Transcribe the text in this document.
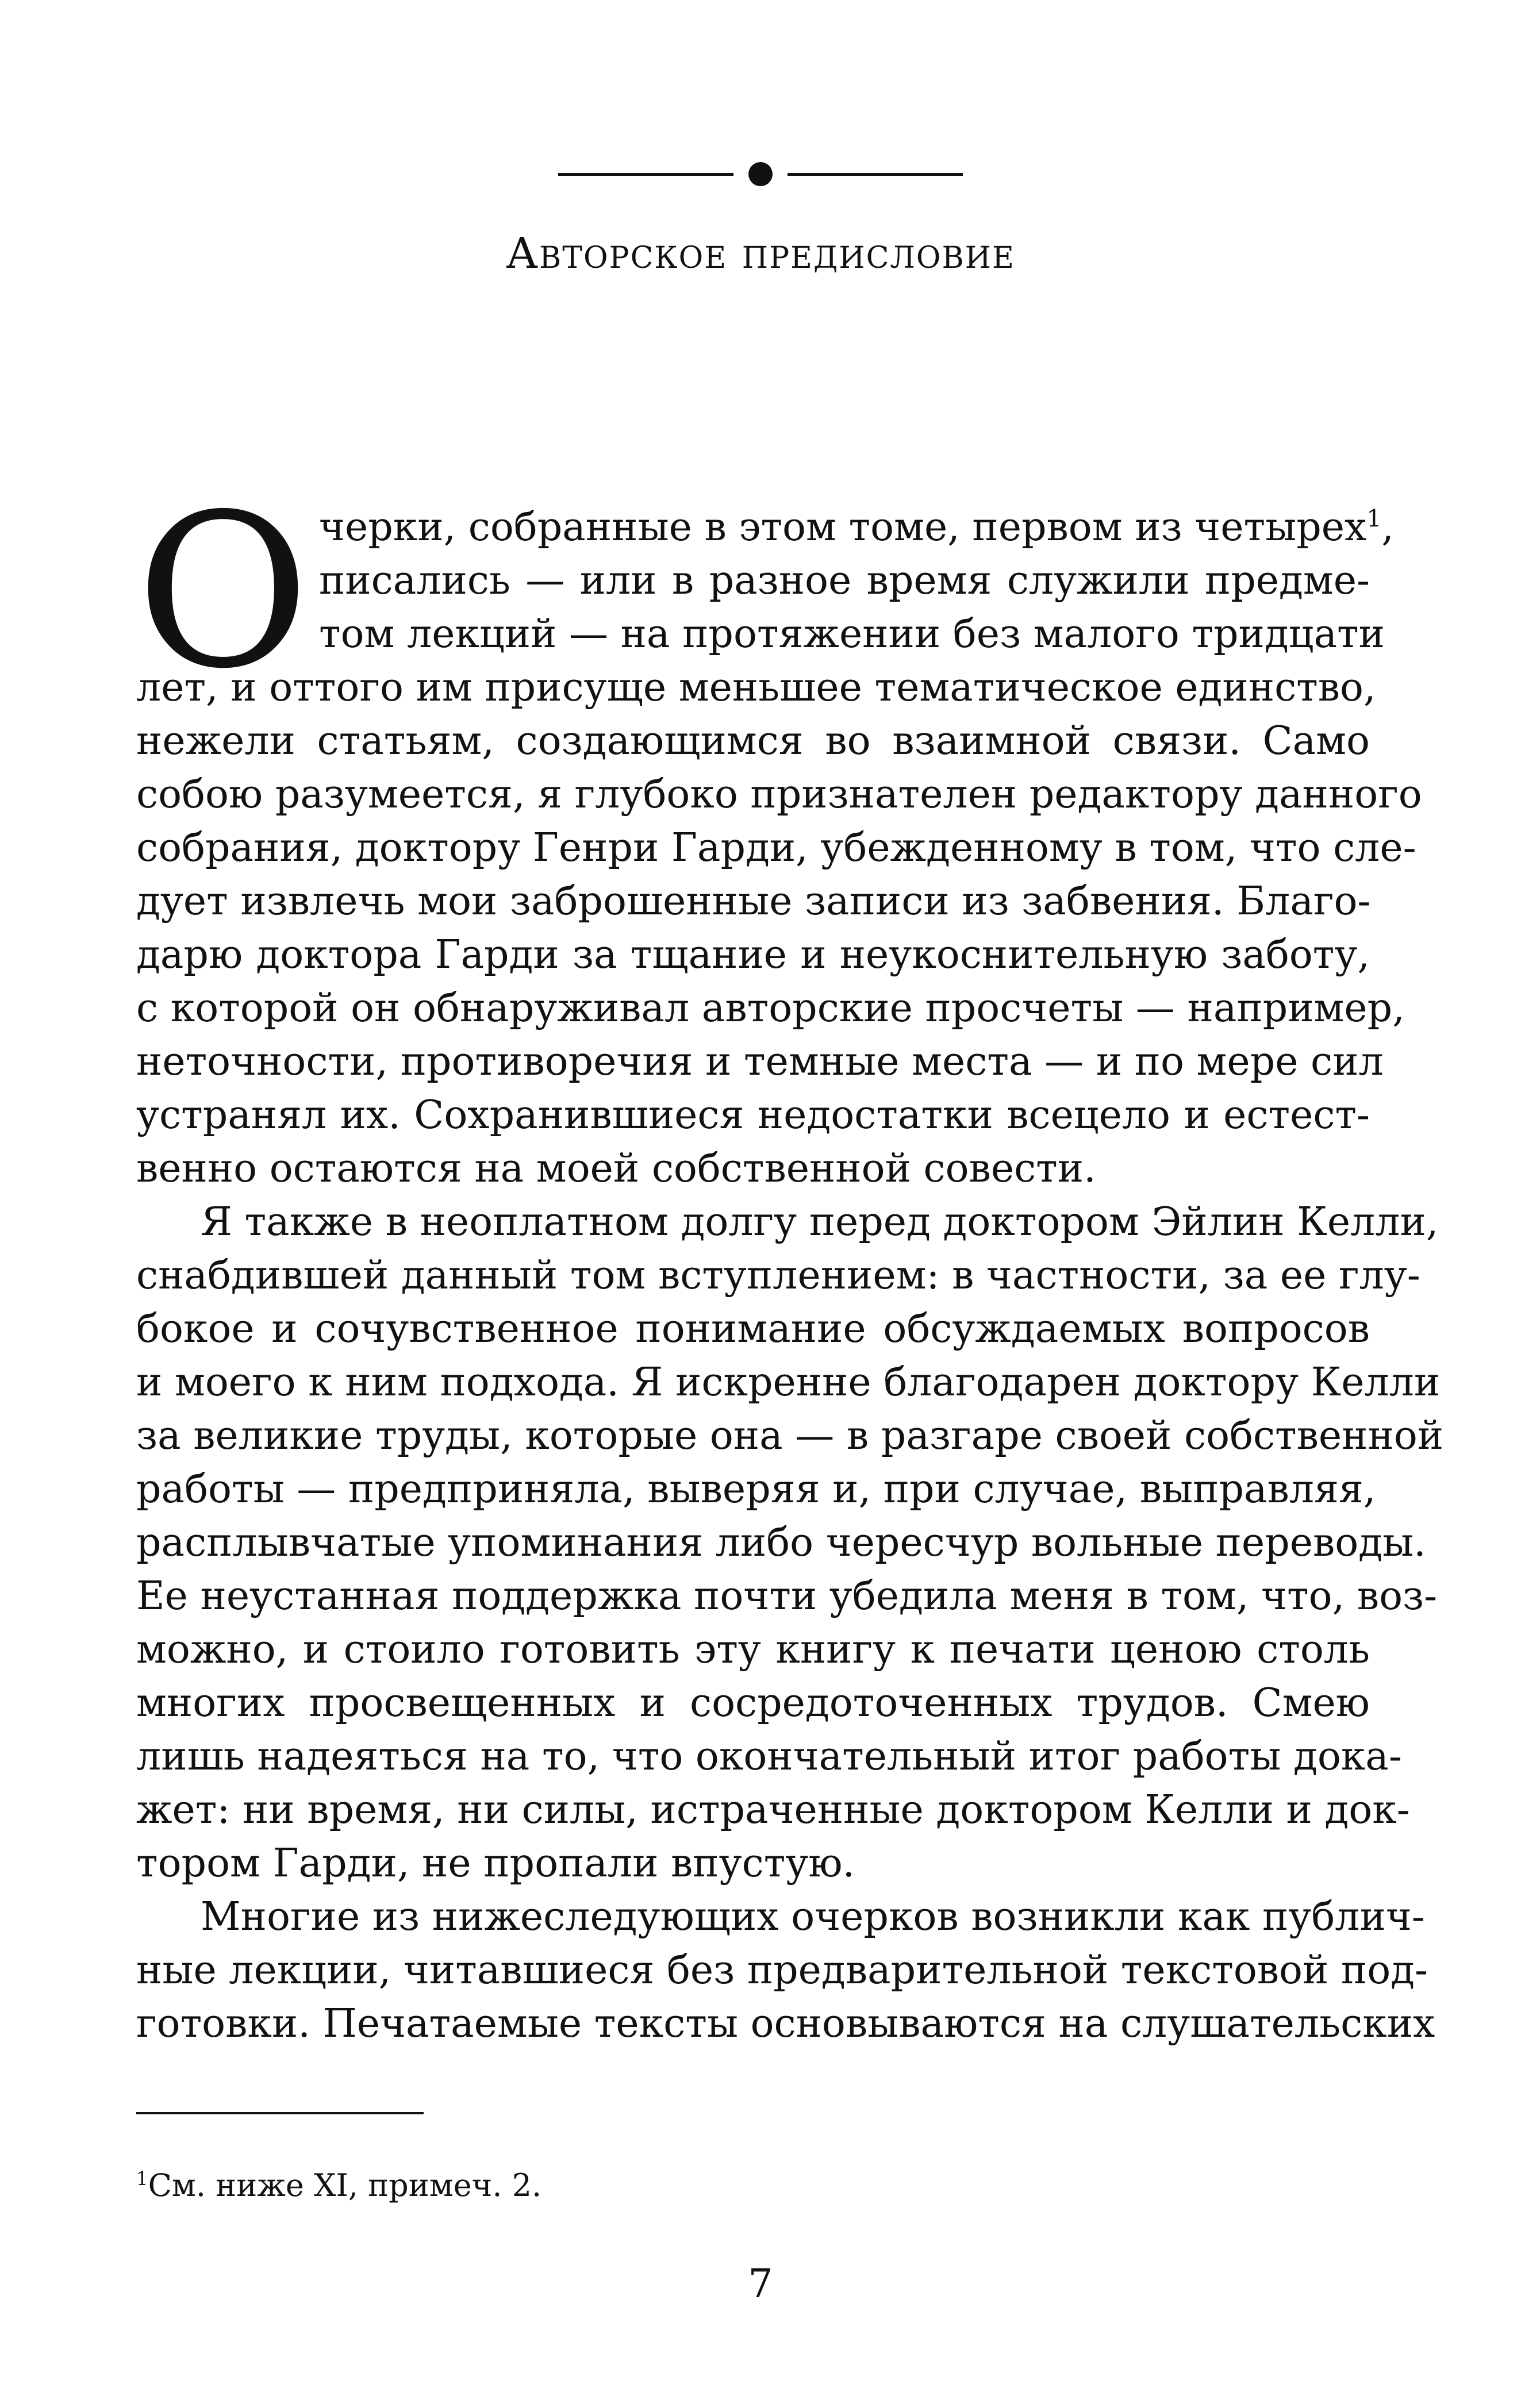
Авторское предисловие
О черки, собранные в этом томе, первом из четырех$^1$,
писались — или в разное время служили предме-
том лекций — на протяжении без малого тридцати
лет, и оттого им присуще меньшее тематическое единство,
нежели статьям, создающимся во взаимной связи. Само
собою разумеется, я глубоко признателен редактору данного
собрания, доктору Генри Гарди, убежденному в том, что сле-
дует извлечь мои заброшенные записи из забвения. Благо-
дарю доктора Гарди за тщание и неукоснительную заботу,
с которой он обнаруживал авторские просчеты — например,
неточности, противоречия и темные места — и по мере сил
устранял их. Сохранившиеся недостатки всецело и естест-
венно остаются на моей собственной совести.
Я также в неоплатном долгу перед доктором Эйлин Келли,
снабдившей данный том вступлением: в частности, за ее глу-
бокое и сочувственное понимание обсуждаемых вопросов
и моего к ним подхода. Я искренне благодарен доктору Келли
за великие труды, которые она — в разгаре своей собственной
работы — предприняла, выверяя и, при случае, выправляя,
расплывчатые упоминания либо чересчур вольные переводы.
Ее неустанная поддержка почти убедила меня в том, что, воз-
можно, и стоило готовить эту книгу к печати ценою столь
многих просвещенных и сосредоточенных трудов. Смею
лишь надеяться на то, что окончательный итог работы дока-
жет: ни время, ни силы, истраченные доктором Келли и док-
тором Гарди, не пропали впустую.
Многие из нижеследующих очерков возникли как публич-
ные лекции, читавшиеся без предварительной текстовой под-
готовки. Печатаемые тексты основываются на слушательских
$^1$См. ниже XI, примеч. 2.
7
